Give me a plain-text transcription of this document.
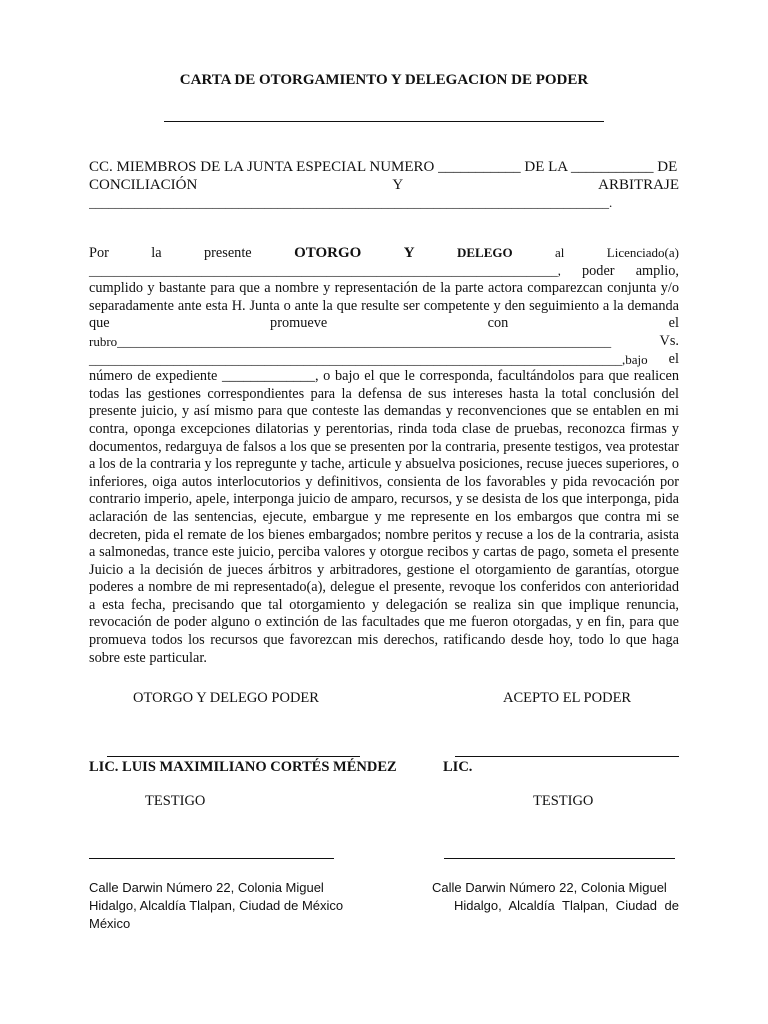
CARTA DE OTORGAMIENTO Y DELEGACION DE PODER
CC. MIEMBROS DE LA JUNTA ESPECIAL NUMERO ___________ DE LA ___________ DE
CONCILIACIÓN	Y	ARBITRAJE
________________________________________________________________________________.
Por	la	presente	OTORGO	Y	DELEGO	al	Licenciado(a)
___________________________________________________________________________, poder amplio,
cumplido y bastante para que a nombre y representación de la parte actora comparezcan conjunta y/o
separadamente ante esta H. Junta o ante la que resulte ser competente y den seguimiento a la demanda
que	promueve	con	el
rubro____________________________________________________________________________	Vs.
__________________________________________________________________________________,bajo el
número de expediente _____________, o bajo el que le corresponda, facultándolos para que realicen todas las gestiones correspondientes para la defensa de sus intereses hasta la total conclusión del presente juicio, y así mismo para que conteste las demandas y reconvenciones que se entablen en mi contra, oponga excepciones dilatorias y perentorias, rinda toda clase de pruebas, reconozca firmas y documentos, redarguya de falsos a los que se presenten por la contraria, presente testigos, vea protestar a los de la contraria y los repregunte y tache, articule y absuelva posiciones, recuse jueces superiores, o inferiores, oiga autos interlocutorios y definitivos, consienta de los favorables y pida revocación por contrario imperio, apele, interponga juicio de amparo, recursos, y se desista de los que interponga, pida aclaración de las sentencias, ejecute, embargue y me represente en los embargos que contra mi se decreten, pida el remate de los bienes embargados; nombre peritos y recuse a los de la contraria, asista a salmonedas, trance este juicio, perciba valores y otorgue recibos y cartas de pago, someta el presente Juicio a la decisión de jueces árbitros y arbitradores, gestione el otorgamiento de garantías, otorgue poderes a nombre de mi representado(a), delegue el presente, revoque los conferidos con anterioridad a esta fecha, precisando que tal otorgamiento y delegación se realiza sin que implique renuncia, revocación de poder alguno o extinción de las facultades que me fueron otorgadas, y en fin, para que promueva todos los recursos que favorezcan mis derechos, ratificando desde hoy, todo lo que haga sobre este particular.
OTORGO Y DELEGO PODER	ACEPTO EL PODER
LIC. LUIS MAXIMILIANO CORTÉS MÉNDEZ	LIC.
TESTIGO	TESTIGO
Calle Darwin Número 22, Colonia Miguel
Hidalgo, Alcaldía Tlalpan, Ciudad de México
México
Calle Darwin Número 22, Colonia Miguel
Hidalgo, Alcaldía Tlalpan, Ciudad de
